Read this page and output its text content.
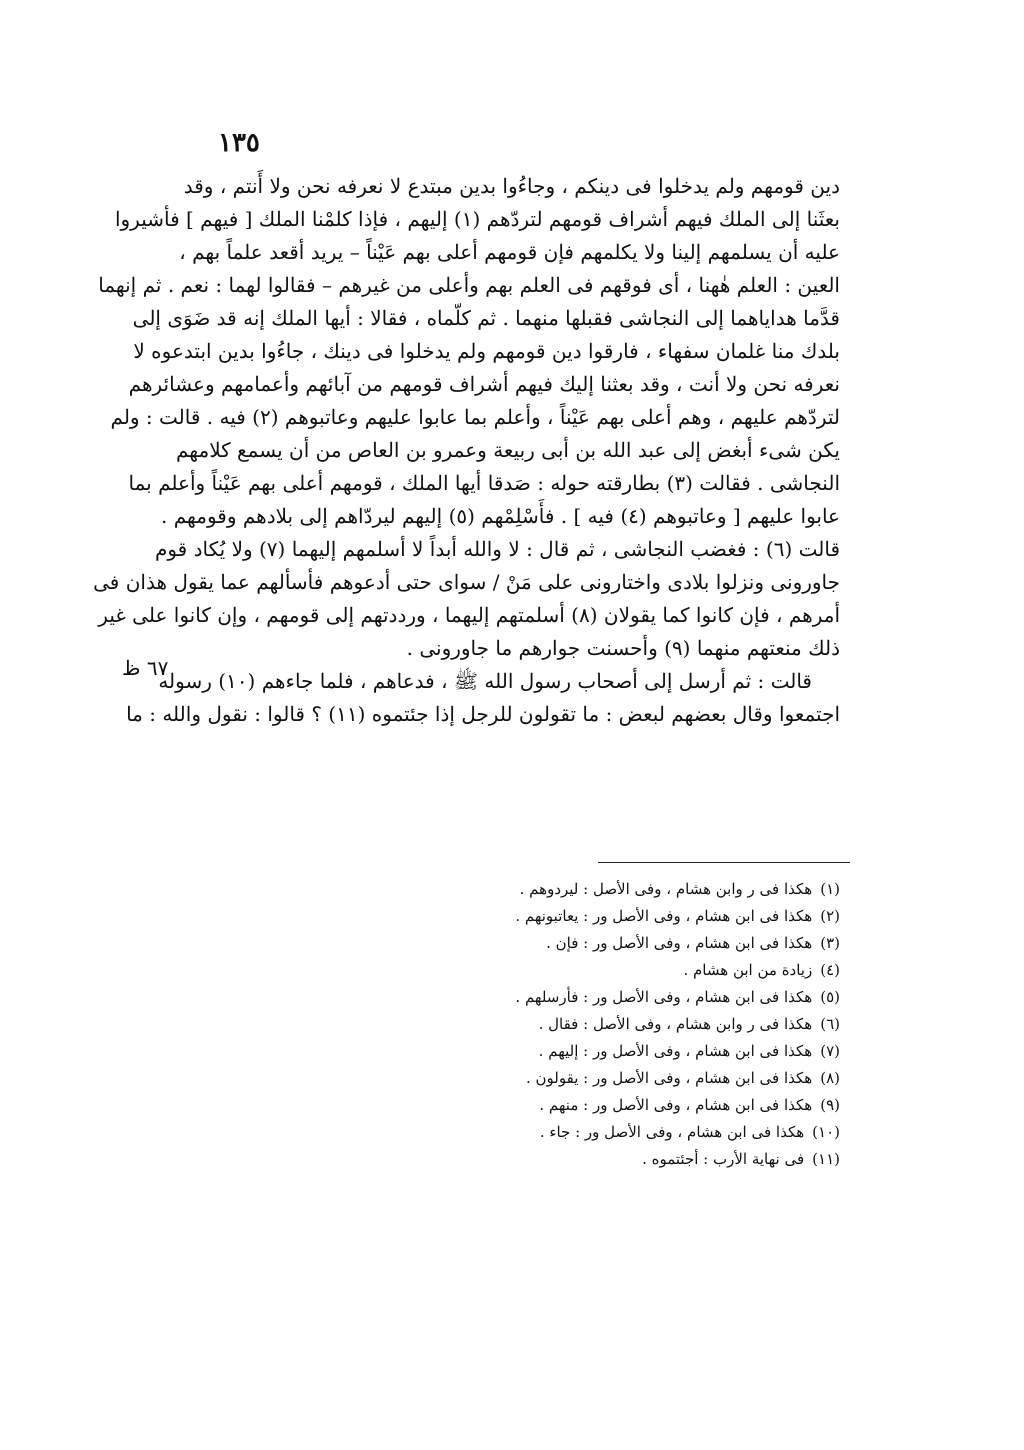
١٣٥
٦٧ ظ
دين قومهم ولم يدخلوا فى دينكم ، وجاءُوا بدين مبتدع لا نعرفه نحن ولا أَنتم ، وقد
بعثَنا إلى الملك فيهم أشراف قومهم لتردّهم (١) إليهم ، فإذا كلمْنا الملك [ فيهم ] فأشيروا
عليه أن يسلمهم إلينا ولا يكلمهم فإن قومهم أعلى بهم عَيْناً – يريد أقعد علماً بهم ،
العين : العلم هٰهنا ، أى فوقهم فى العلم بهم وأعلى من غيرهم – فقالوا لهما : نعم . ثم إنهما
قدَّما هداياهما إلى النجاشى فقبلها منهما . ثم كلّماه ، فقالا : أيها الملك إنه قد ضَوَى إلى
بلدك منا غلمان سفهاء ، فارقوا دين قومهم ولم يدخلوا فى دينك ، جاءُوا بدين ابتدعوه لا
نعرفه نحن ولا أنت ، وقد بعثنا إليك فيهم أشراف قومهم من آبائهم وأعمامهم وعشائرهم
لتردّهم عليهم ، وهم أعلى بهم عَيْناً ، وأعلم بما عابوا عليهم وعاتبوهم (٢) فيه . قالت : ولم
يكن شىء أبغض إلى عبد الله بن أبى ربيعة وعمرو بن العاص من أن يسمع كلامهم
النجاشى . فقالت (٣) بطارقته حوله : صَدقا أيها الملك ، قومهم أعلى بهم عَيْناً وأعلم بما
عابوا عليهم [ وعاتبوهم (٤) فيه ] . فأَسْلِمْهم (٥) إليهم ليردّاهم إلى بلادهم وقومهم .
قالت (٦) : فغضب النجاشى ، ثم قال : لا والله أبداً لا أسلمهم إليهما (٧) ولا يُكاد قوم
جاورونى ونزلوا بلادى واختارونى على مَنْ / سواى حتى أدعوهم فأسألهم عما يقول هذان فى
أمرهم ، فإن كانوا كما يقولان (٨) أسلمتهم إليهما ، ورددتهم إلى قومهم ، وإن كانوا على غير
ذلك منعتهم منهما (٩) وأحسنت جوارهم ما جاورونى .
قالت : ثم أرسل إلى أصحاب رسول الله ﷺ ، فدعاهم ، فلما جاءهم (١٠) رسوله
اجتمعوا وقال بعضهم لبعض : ما تقولون للرجل إذا جئتموه (١١) ؟ قالوا : نقول والله : ما
(١)هكذا فى ر وابن هشام ، وفى الأصل : ليردوهم .
(٢)هكذا فى ابن هشام ، وفى الأصل ور : يعاتبونهم .
(٣)هكذا فى ابن هشام ، وفى الأصل ور : فإن .
(٤)زيادة من ابن هشام .
(٥)هكذا فى ابن هشام ، وفى الأصل ور : فأرسلهم .
(٦)هكذا فى ر وابن هشام ، وفى الأصل : فقال .
(٧)هكذا فى ابن هشام ، وفى الأصل ور : إليهم .
(٨)هكذا فى ابن هشام ، وفى الأصل ور : يقولون .
(٩)هكذا فى ابن هشام ، وفى الأصل ور : منهم .
(١٠)هكذا فى ابن هشام ، وفى الأصل ور : جاء .
(١١)فى نهاية الأرب : أجئتموه .
